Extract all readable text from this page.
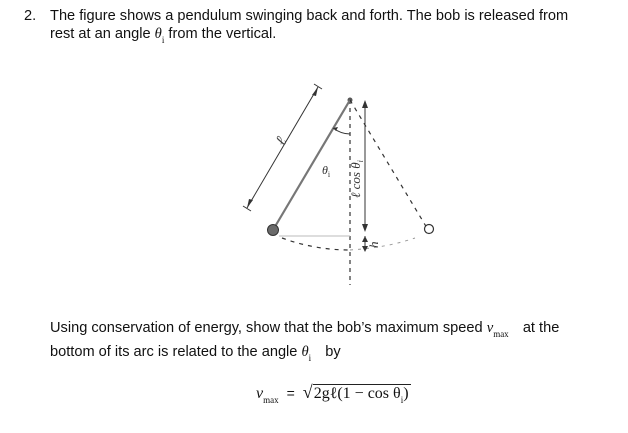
2. The figure shows a pendulum swinging back and forth. The bob is released from
rest at an angle $\theta_i$ from the vertical.
ℓ
$\theta_i$ ℓ $\cos \theta_i$
h
Using conservation of energy, show that the bob’s maximum speed $v_{max}$ at the
bottom of its arc is related to the angle $\theta_i$ by
$v_{max}$ = √2gℓ(1 − $\cos \theta_i$)
